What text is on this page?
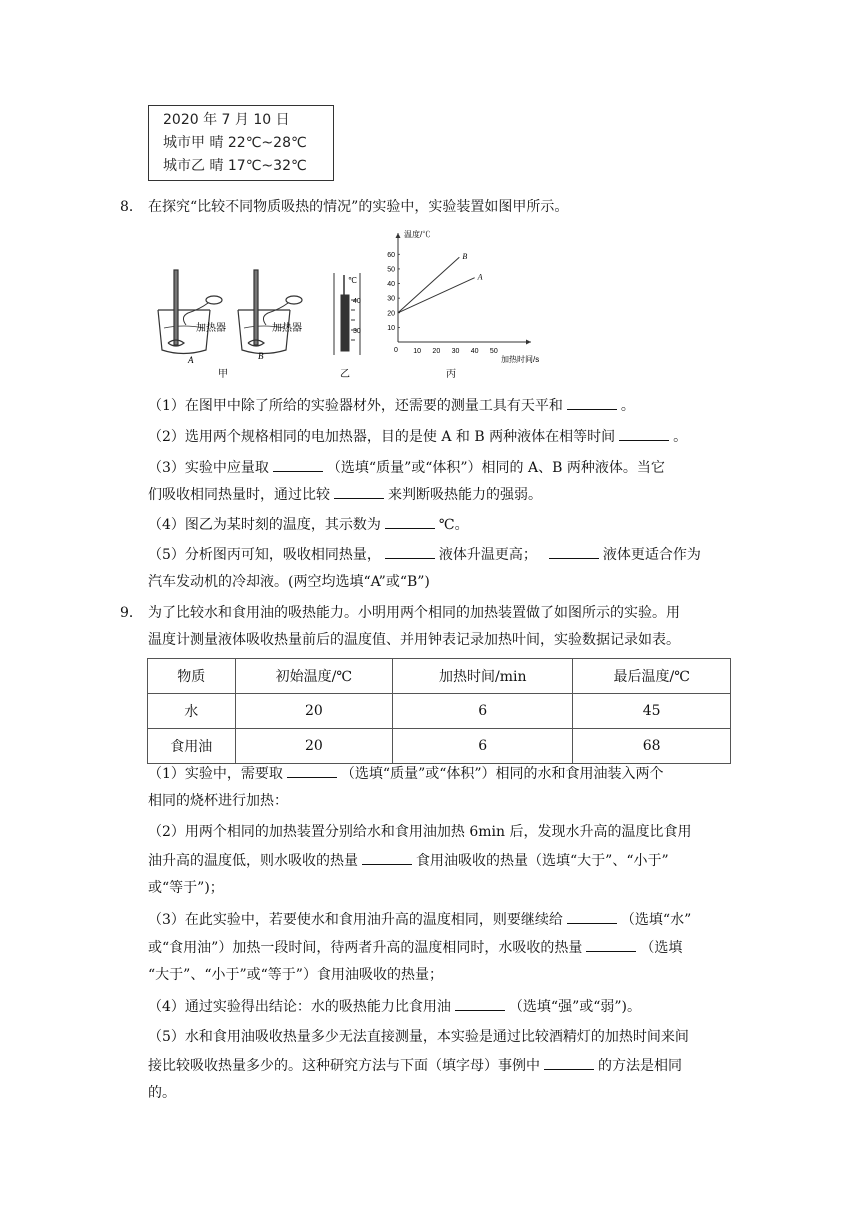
2020 年 7 月 10 日
城市甲 晴 22℃~28℃
城市乙 晴 17℃~32℃
8． 在探究“比较不同物质吸热的情况”的实验中，实验装置如图甲所示。
A
加热器
B
加热器
℃
40
30
10 20 30 40 50
10
20
30
40
50
60
0
温度/℃
加热时间/s
A
B
甲	乙	丙
（1）在图甲中除了所给的实验器材外，还需要的测量工具有天平和	。
（2）选用两个规格相同的电加热器，目的是使 A 和 B 两种液体在相等时间	。
（3）实验中应量取	（选填“质量”或“体积”）相同的 A、B 两种液体。当它
们吸收相同热量时，通过比较	来判断吸热能力的强弱。
（4）图乙为某时刻的温度，其示数为	℃。
（5）分析图丙可知，吸收相同热量，	液体升温更高；	液体更适合作为
汽车发动机的冷却液。(两空均选填“A”或“B”)
9． 为了比较水和食用油的吸热能力。小明用两个相同的加热装置做了如图所示的实验。用
温度计测量液体吸收热量前后的温度值、并用钟表记录加热叶间，实验数据记录如表。
物质	初始温度/℃	加热时间/min	最后温度/℃
水	20	6	45
食用油	20	6	68
（1）实验中，需要取	（选填“质量”或“体积”）相同的水和食用油装入两个
相同的烧杯进行加热：
（2）用两个相同的加热装置分别给水和食用油加热 6min 后，发现水升高的温度比食用
油升高的温度低，则水吸收的热量	食用油吸收的热量（选填“大于”、“小于”
或“等于”)；
（3）在此实验中，若要使水和食用油升高的温度相同，则要继续给	（选填“水”
或“食用油”）加热一段时间，待两者升高的温度相同时，水吸收的热量	（选填
“大于”、“小于”或“等于”）食用油吸收的热量；
（4）通过实验得出结论：水的吸热能力比食用油	（选填“强”或“弱”)。
（5）水和食用油吸收热量多少无法直接测量，本实验是通过比较酒精灯的加热时间来间
接比较吸收热量多少的。这种研究方法与下面（填字母）事例中	的方法是相同
的。
